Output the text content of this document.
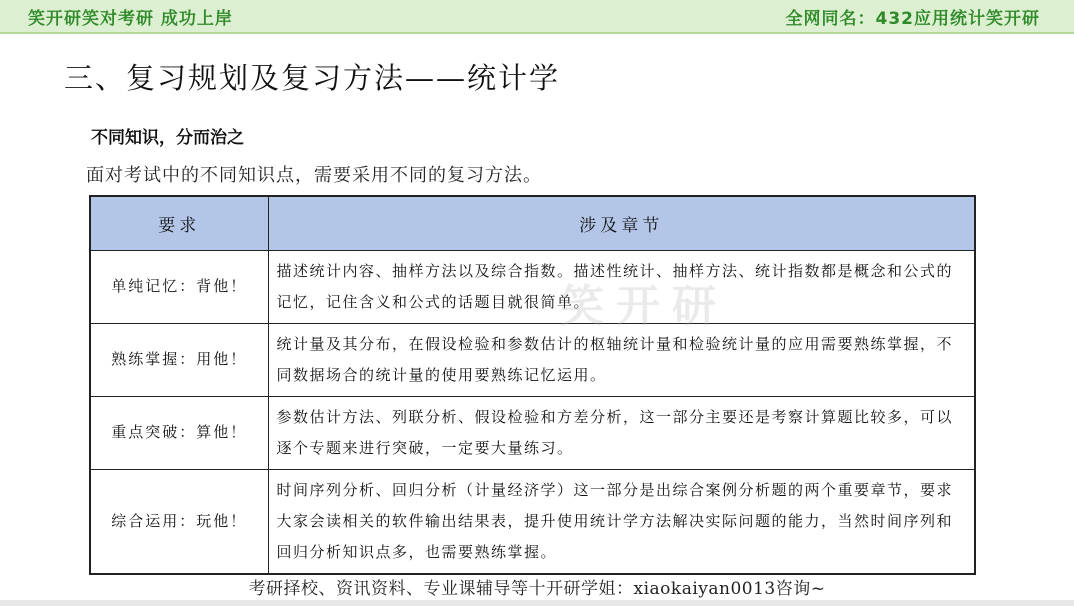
笑开研笑对考研 成功上岸	全网同名：432应用统计笑开研
三、复习规划及复习方法——统计学
不同知识，分而治之
面对考试中的不同知识点，需要采用不同的复习方法。
要求	涉及章节
单纯记忆：背他！	描述统计内容、抽样方法以及综合指数。描述性统计、抽样方法、统计指数都是概念和公式的记忆，记住含义和公式的话题目就很简单。
熟练掌握：用他！	统计量及其分布，在假设检验和参数估计的枢轴统计量和检验统计量的应用需要熟练掌握，不同数据场合的统计量的使用要熟练记忆运用。
重点突破：算他！	参数估计方法、列联分析、假设检验和方差分析，这一部分主要还是考察计算题比较多，可以逐个专题来进行突破，一定要大量练习。
综合运用：玩他！	时间序列分析、回归分析（计量经济学）这一部分是出综合案例分析题的两个重要章节，要求大家会读相关的软件输出结果表，提升使用统计学方法解决实际问题的能力，当然时间序列和回归分析知识点多，也需要熟练掌握。
笑开研
考研择校、资讯资料、专业课辅导等十开研学姐：xiaokaiyan0013咨询~
